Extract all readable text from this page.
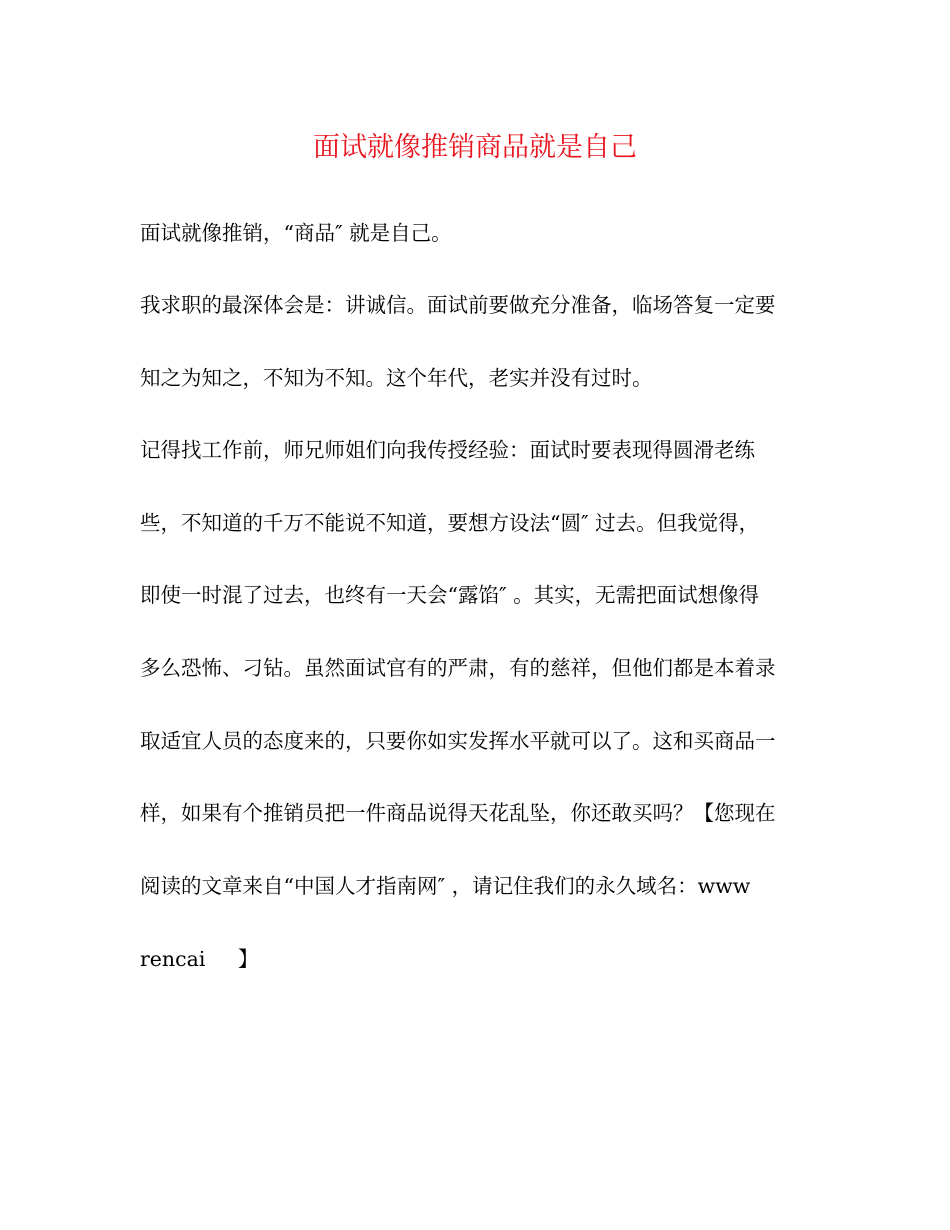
面试就像推销商品就是自己

面试就像推销，“商品″ 就是自己。

我求职的最深体会是：讲诚信。面试前要做充分准备，临场答复一定要

知之为知之，不知为不知。这个年代，老实并没有过时。

记得找工作前，师兄师姐们向我传授经验：面试时要表现得圆滑老练

些，不知道的千万不能说不知道，要想方设法“圆″ 过去。但我觉得，

即使一时混了过去，也终有一天会“露馅″ 。其实，无需把面试想像得

多么恐怖、刁钻。虽然面试官有的严肃，有的慈祥，但他们都是本着录

取适宜人员的态度来的，只要你如实发挥水平就可以了。这和买商品一

样，如果有个推销员把一件商品说得天花乱坠，你还敢买吗？【您现在

阅读的文章来自“中国人才指南网″ ，请记住我们的永久域名：www

rencai     】
